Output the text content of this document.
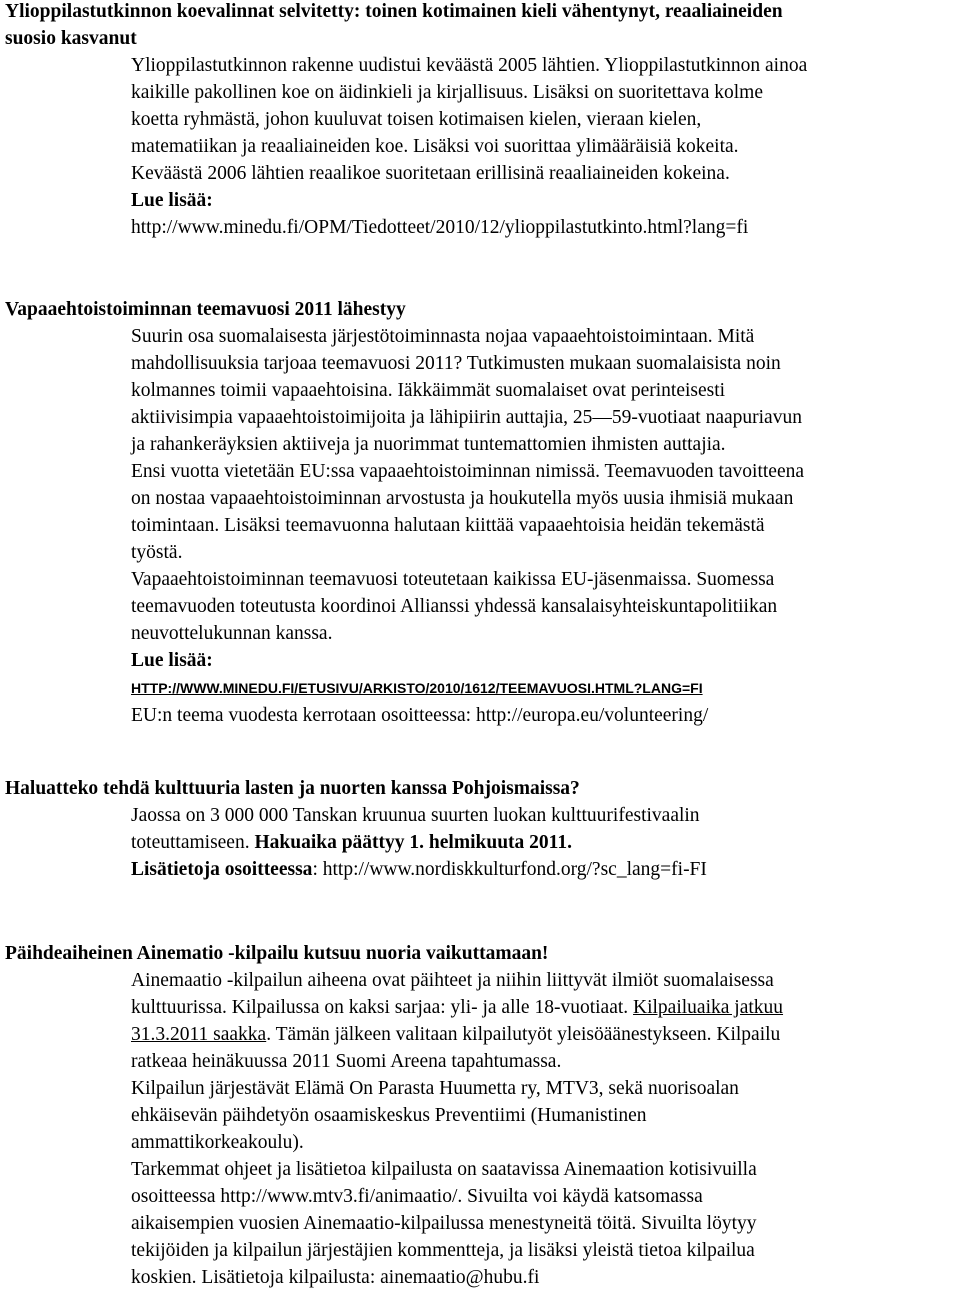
Ylioppilastutkinnon koevalinnat selvitetty: toinen kotimainen kieli vähentynyt, reaaliaineiden
suosio kasvanut
Ylioppilastutkinnon rakenne uudistui keväästä 2005 lähtien. Ylioppilastutkinnon ainoa
kaikille pakollinen koe on äidinkieli ja kirjallisuus. Lisäksi on suoritettava kolme
koetta ryhmästä, johon kuuluvat toisen kotimaisen kielen, vieraan kielen,
matematiikan ja reaaliaineiden koe. Lisäksi voi suorittaa ylimääräisiä kokeita.
Keväästä 2006 lähtien reaalikoe suoritetaan erillisinä reaaliaineiden kokeina.
Lue lisää:
http://www.minedu.fi/OPM/Tiedotteet/2010/12/ylioppilastutkinto.html?lang=fi
Vapaaehtoistoiminnan teemavuosi 2011 lähestyy
Suurin osa suomalaisesta järjestötoiminnasta nojaa vapaaehtoistoimintaan. Mitä
mahdollisuuksia tarjoaa teemavuosi 2011? Tutkimusten mukaan suomalaisista noin
kolmannes toimii vapaaehtoisina. Iäkkäimmät suomalaiset ovat perinteisesti
aktiivisimpia vapaaehtoistoimijoita ja lähipiirin auttajia, 25—59-vuotiaat naapuriavun
ja rahankeräyksien aktiiveja ja nuorimmat tuntemattomien ihmisten auttajia.
Ensi vuotta vietetään EU:ssa vapaaehtoistoiminnan nimissä. Teemavuoden tavoitteena
on nostaa vapaaehtoistoiminnan arvostusta ja houkutella myös uusia ihmisiä mukaan
toimintaan. Lisäksi teemavuonna halutaan kiittää vapaaehtoisia heidän tekemästä
työstä.
Vapaaehtoistoiminnan teemavuosi toteutetaan kaikissa EU-jäsenmaissa. Suomessa
teemavuoden toteutusta koordinoi Allianssi yhdessä kansalaisyhteiskuntapolitiikan
neuvottelukunnan kanssa.
Lue lisää:
HTTP://WWW.MINEDU.FI/ETUSIVU/ARKISTO/2010/1612/TEEMAVUOSI.HTML?LANG=FI
EU:n teema vuodesta kerrotaan osoitteessa: http://europa.eu/volunteering/
Haluatteko tehdä kulttuuria lasten ja nuorten kanssa Pohjoismaissa?
Jaossa on 3 000 000 Tanskan kruunua suurten luokan kulttuurifestivaalin
toteuttamiseen. Hakuaika päättyy 1. helmikuuta 2011.
Lisätietoja osoitteessa: http://www.nordiskkulturfond.org/?sc_lang=fi-FI
Päihdeaiheinen Ainematio -kilpailu kutsuu nuoria vaikuttamaan!
Ainemaatio -kilpailun aiheena ovat päihteet ja niihin liittyvät ilmiöt suomalaisessa
kulttuurissa. Kilpailussa on kaksi sarjaa: yli- ja alle 18-vuotiaat. Kilpailuaika jatkuu
31.3.2011 saakka. Tämän jälkeen valitaan kilpailutyöt yleisöäänestykseen. Kilpailu
ratkeaa heinäkuussa 2011 Suomi Areena tapahtumassa.
Kilpailun järjestävät Elämä On Parasta Huumetta ry, MTV3, sekä nuorisoalan
ehkäisevän päihdetyön osaamiskeskus Preventiimi (Humanistinen
ammattikorkeakoulu).
Tarkemmat ohjeet ja lisätietoa kilpailusta on saatavissa Ainemaation kotisivuilla
osoitteessa http://www.mtv3.fi/animaatio/. Sivuilta voi käydä katsomassa
aikaisempien vuosien Ainemaatio-kilpailussa menestyneitä töitä. Sivuilta löytyy
tekijöiden ja kilpailun järjestäjien kommentteja, ja lisäksi yleistä tietoa kilpailua
koskien. Lisätietoja kilpailusta: ainemaatio@hubu.fi
